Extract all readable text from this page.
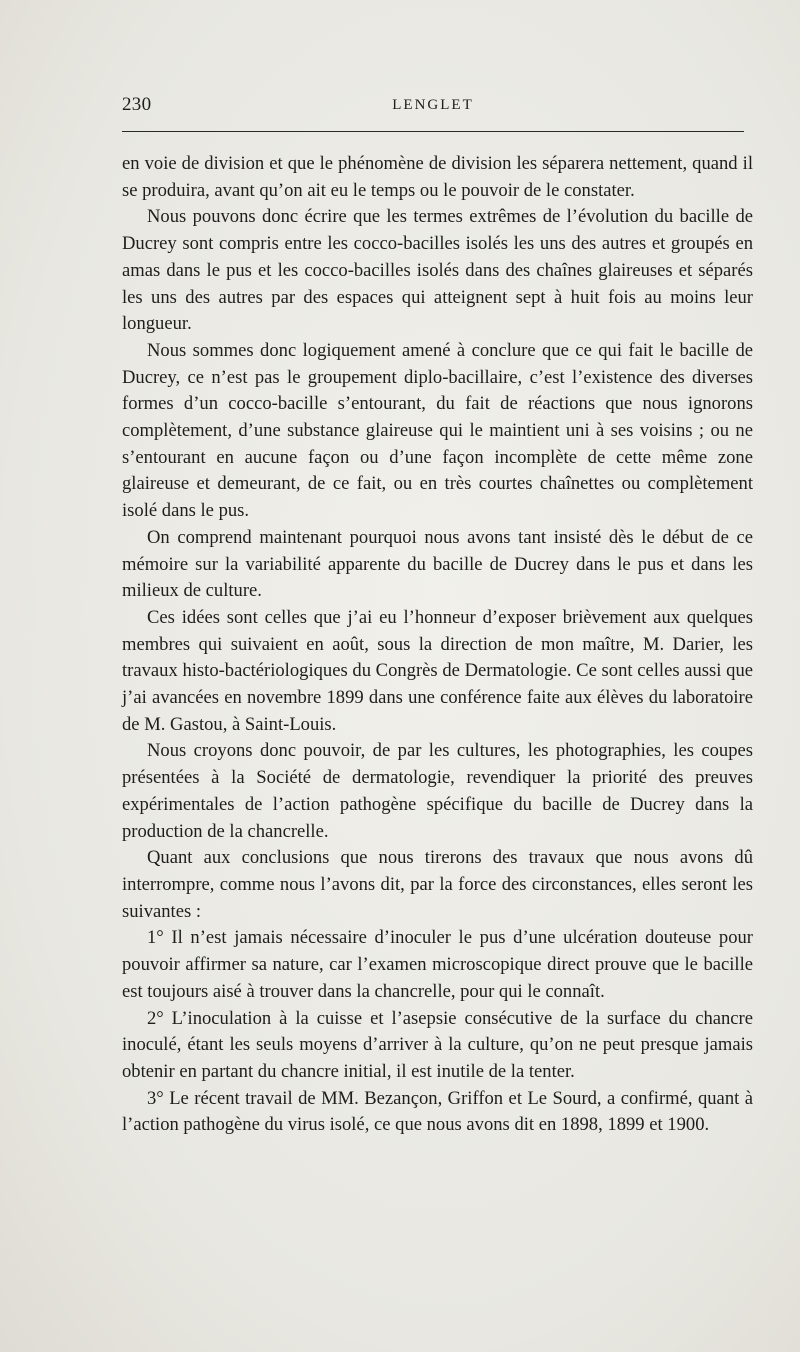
230	LENGLET

en voie de division et que le phénomène de division les séparera nettement, quand il se produira, avant qu’on ait eu le temps ou le pouvoir de le constater.

Nous pouvons donc écrire que les termes extrêmes de l’évolution du bacille de Ducrey sont compris entre les cocco-bacilles isolés les uns des autres et groupés en amas dans le pus et les cocco-bacilles isolés dans des chaînes glaireuses et séparés les uns des autres par des espaces qui atteignent sept à huit fois au moins leur longueur.

Nous sommes donc logiquement amené à conclure que ce qui fait le bacille de Ducrey, ce n’est pas le groupement diplo-bacillaire, c’est l’existence des diverses formes d’un cocco-bacille s’entourant, du fait de réactions que nous ignorons complètement, d’une substance glaireuse qui le maintient uni à ses voisins ; ou ne s’entourant en aucune façon ou d’une façon incomplète de cette même zone glaireuse et demeurant, de ce fait, ou en très courtes chaînettes ou complètement isolé dans le pus.

On comprend maintenant pourquoi nous avons tant insisté dès le début de ce mémoire sur la variabilité apparente du bacille de Ducrey dans le pus et dans les milieux de culture.

Ces idées sont celles que j’ai eu l’honneur d’exposer brièvement aux quelques membres qui suivaient en août, sous la direction de mon maître, M. Darier, les travaux histo-bactériologiques du Congrès de Dermatologie. Ce sont celles aussi que j’ai avancées en novembre 1899 dans une conférence faite aux élèves du laboratoire de M. Gastou, à Saint-Louis.

Nous croyons donc pouvoir, de par les cultures, les photographies, les coupes présentées à la Société de dermatologie, revendiquer la priorité des preuves expérimentales de l’action pathogène spécifique du bacille de Ducrey dans la production de la chancrelle.

Quant aux conclusions que nous tirerons des travaux que nous avons dû interrompre, comme nous l’avons dit, par la force des circonstances, elles seront les suivantes :

1° Il n’est jamais nécessaire d’inoculer le pus d’une ulcération douteuse pour pouvoir affirmer sa nature, car l’examen microscopique direct prouve que le bacille est toujours aisé à trouver dans la chancrelle, pour qui le connaît.

2° L’inoculation à la cuisse et l’asepsie consécutive de la surface du chancre inoculé, étant les seuls moyens d’arriver à la culture, qu’on ne peut presque jamais obtenir en partant du chancre initial, il est inutile de la tenter.

3° Le récent travail de MM. Bezançon, Griffon et Le Sourd, a confirmé, quant à l’action pathogène du virus isolé, ce que nous avons dit en 1898, 1899 et 1900.
